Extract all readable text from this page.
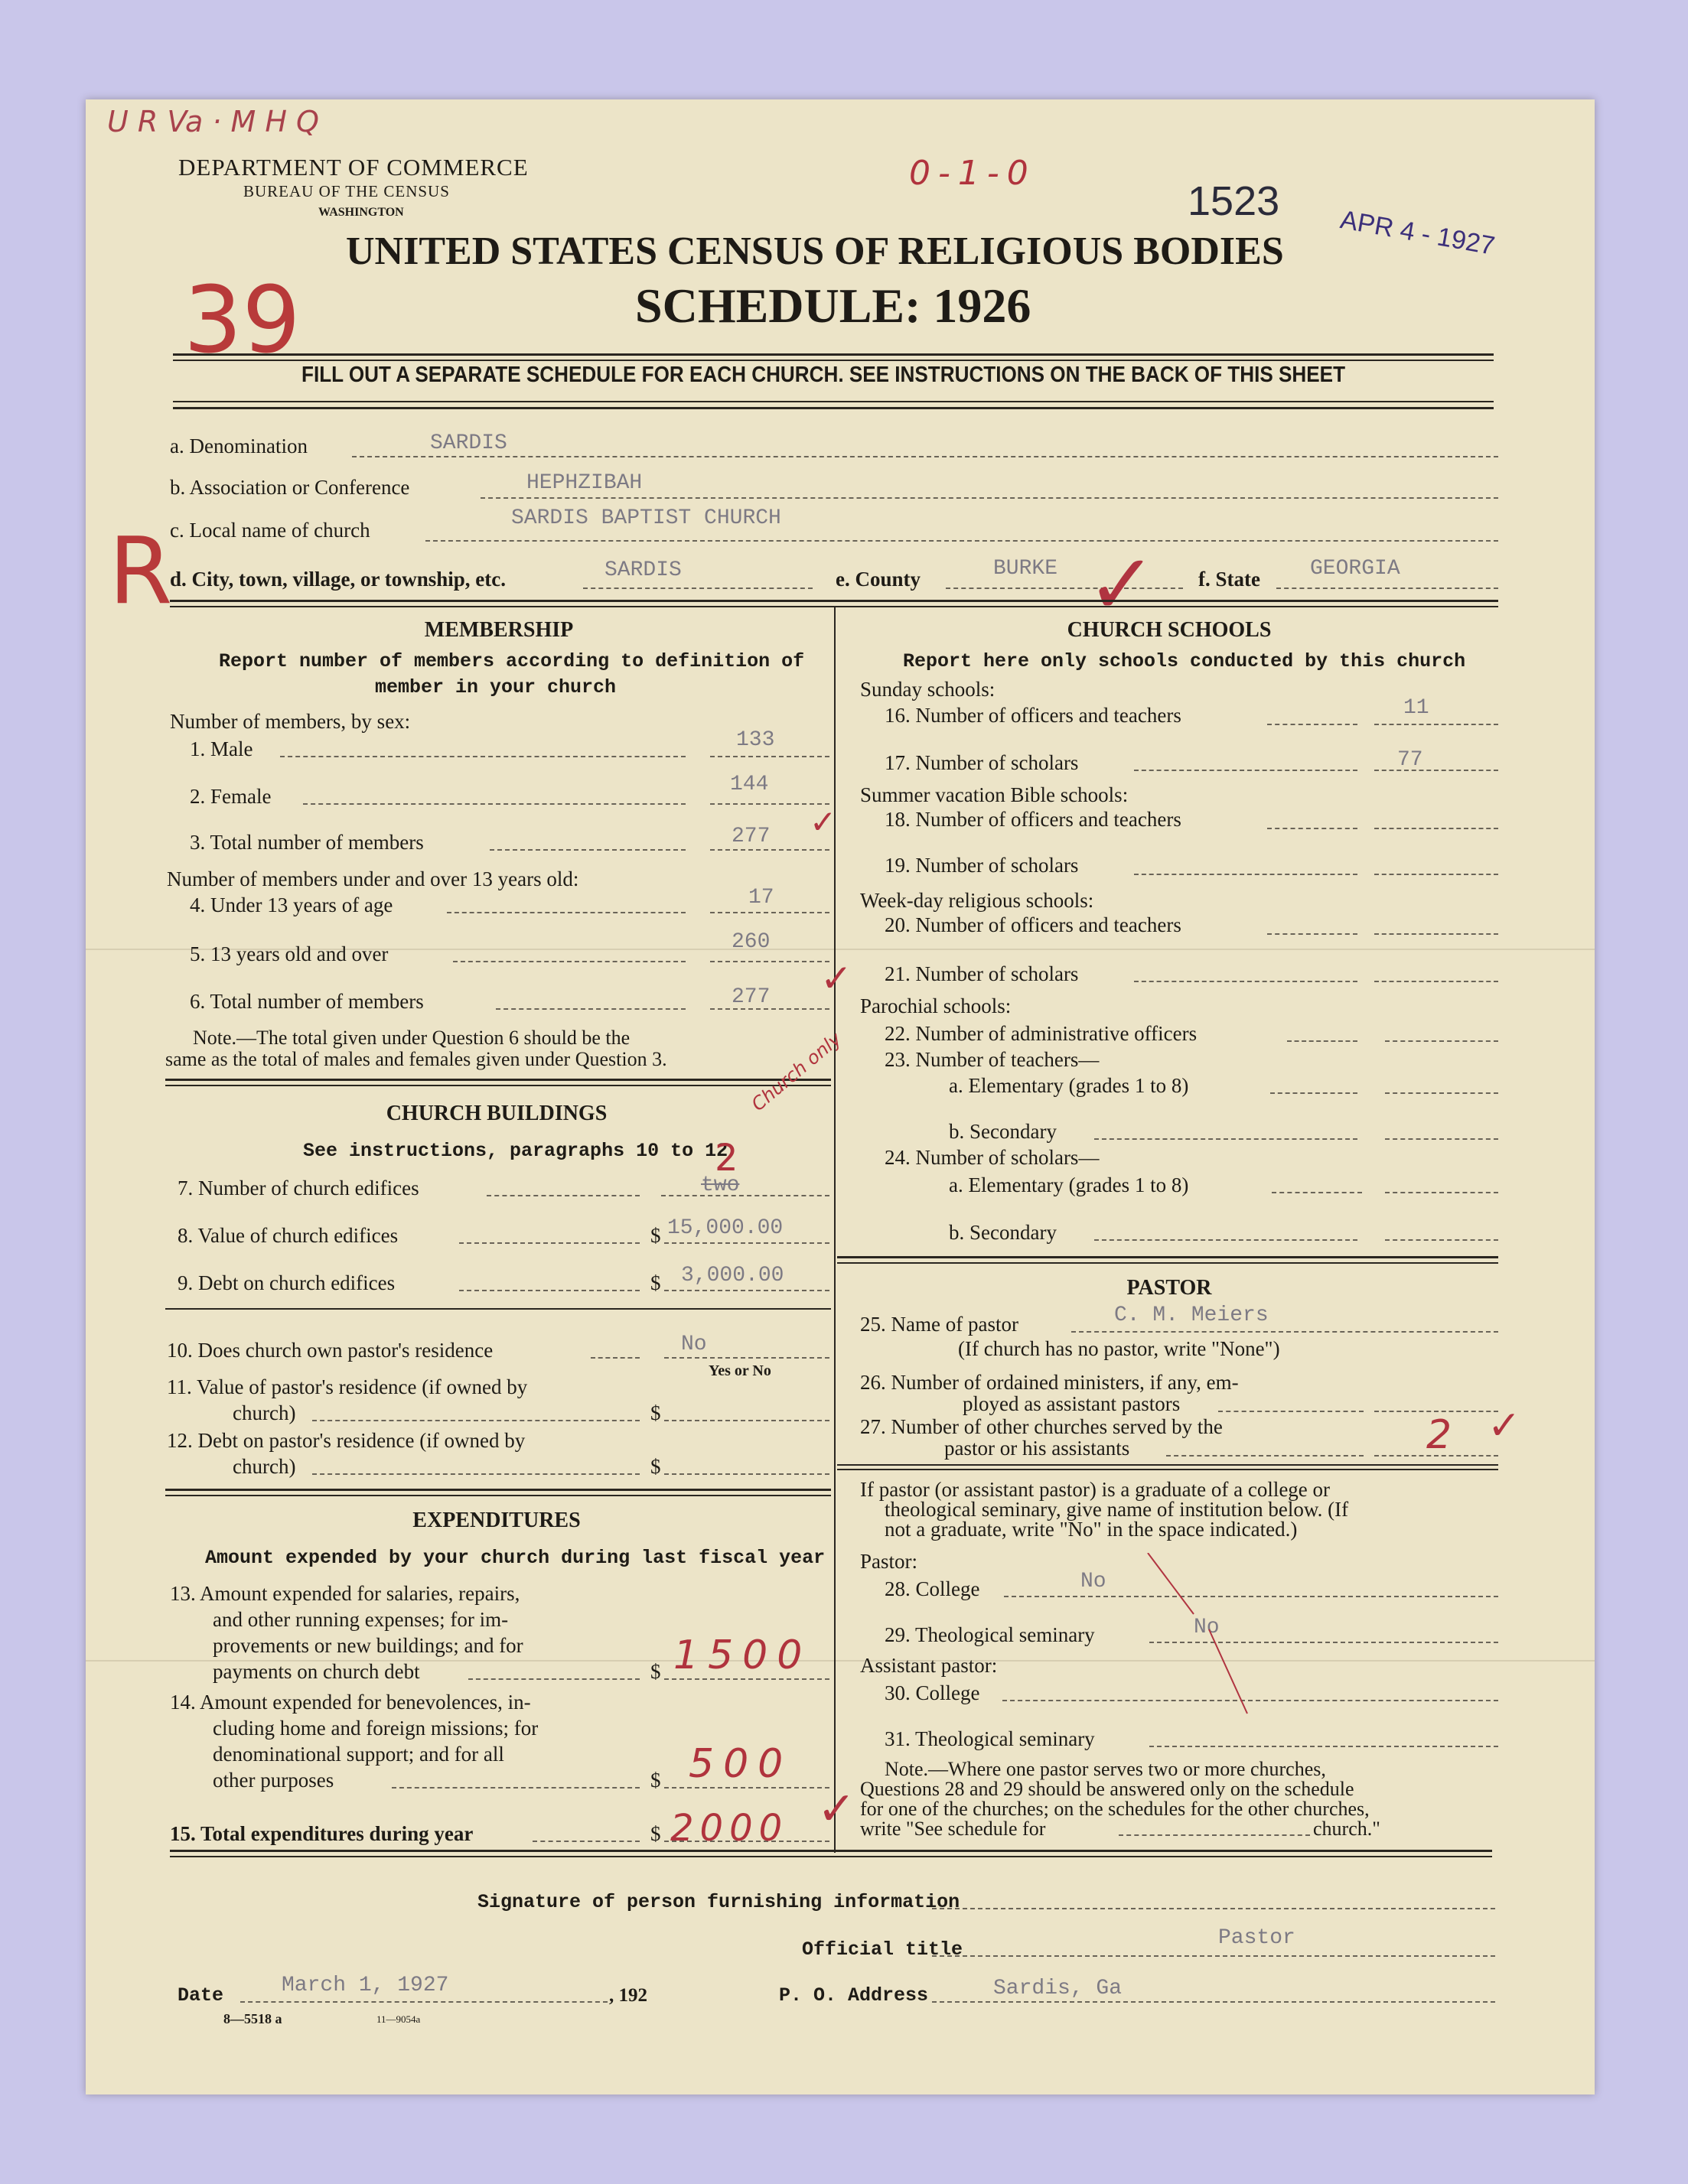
U R Va · M H Q
DEPARTMENT OF COMMERCE
BUREAU OF THE CENSUS
WASHINGTON
0-1-0
1523
APR 4 - 1927
UNITED STATES CENSUS OF RELIGIOUS BODIES
SCHEDULE: 1926
39
FILL OUT A SEPARATE SCHEDULE FOR EACH CHURCH. SEE INSTRUCTIONS ON THE BACK OF THIS SHEET
R
a. Denomination	SARDIS
b. Association or Conference	HEPHZIBAH
c. Local name of church	SARDIS BAPTIST CHURCH
d. City, town, village, or township, etc.	SARDIS	e. County	BURKE	f. State GEORGIA
✓
MEMBERSHIP
Report number of members according to definition of
member in your church
Number of members, by sex:
1. Male	133
2. Female	144
3. Total number of members	277 ✓
Number of members under and over 13 years old:
4. Under 13 years of age	17
5. 13 years old and over	260
6. Total number of members	277 ✓
Note.—The total given under Question 6 should be the
same as the total of males and females given under Question 3.
CHURCH BUILDINGS
See instructions, paragraphs 10 to 12
Church only
7. Number of church edifices	two
2
8. Value of church edifices	$ 15,000.00
9. Debt on church edifices	$ 3,000.00
10. Does church own pastor's residence	No
Yes or No
11. Value of pastor's residence (if owned by
church)	$
12. Debt on pastor's residence (if owned by
church)	$
EXPENDITURES
Amount expended by your church during last fiscal year
13. Amount expended for salaries, repairs,
and other running expenses; for im-
provements or new buildings; and for
payments on church debt	$ 1500
14. Amount expended for benevolences, in-
cluding home and foreign missions; for
denominational support; and for all
other purposes	$ 500
15. Total expenditures during year	$ 2000 ✓
CHURCH SCHOOLS
Report here only schools conducted by this church
Sunday schools:
16. Number of officers and teachers	11
17. Number of scholars	77
Summer vacation Bible schools:
18. Number of officers and teachers
19. Number of scholars
Week-day religious schools:
20. Number of officers and teachers
21. Number of scholars
Parochial schools:
22. Number of administrative officers
23. Number of teachers—
a. Elementary (grades 1 to 8)
b. Secondary
24. Number of scholars—
a. Elementary (grades 1 to 8)
b. Secondary
PASTOR
25. Name of pastor	C. M. Meiers
(If church has no pastor, write "None")
26. Number of ordained ministers, if any, em-
ployed as assistant pastors
27. Number of other churches served by the
pastor or his assistants	2 ✓
If pastor (or assistant pastor) is a graduate of a college or
theological seminary, give name of institution below. (If
not a graduate, write "No" in the space indicated.)
Pastor:
28. College	No
29. Theological seminary	No
Assistant pastor:
30. College
31. Theological seminary
Note.—Where one pastor serves two or more churches,
Questions 28 and 29 should be answered only on the schedule
for one of the churches; on the schedules for the other churches,
write "See schedule for	church."
Signature of person furnishing information
Official title	Pastor
Date	March 1, 1927	, 192	P. O. Address	Sardis, Ga
8—5518 a	11—9054a
